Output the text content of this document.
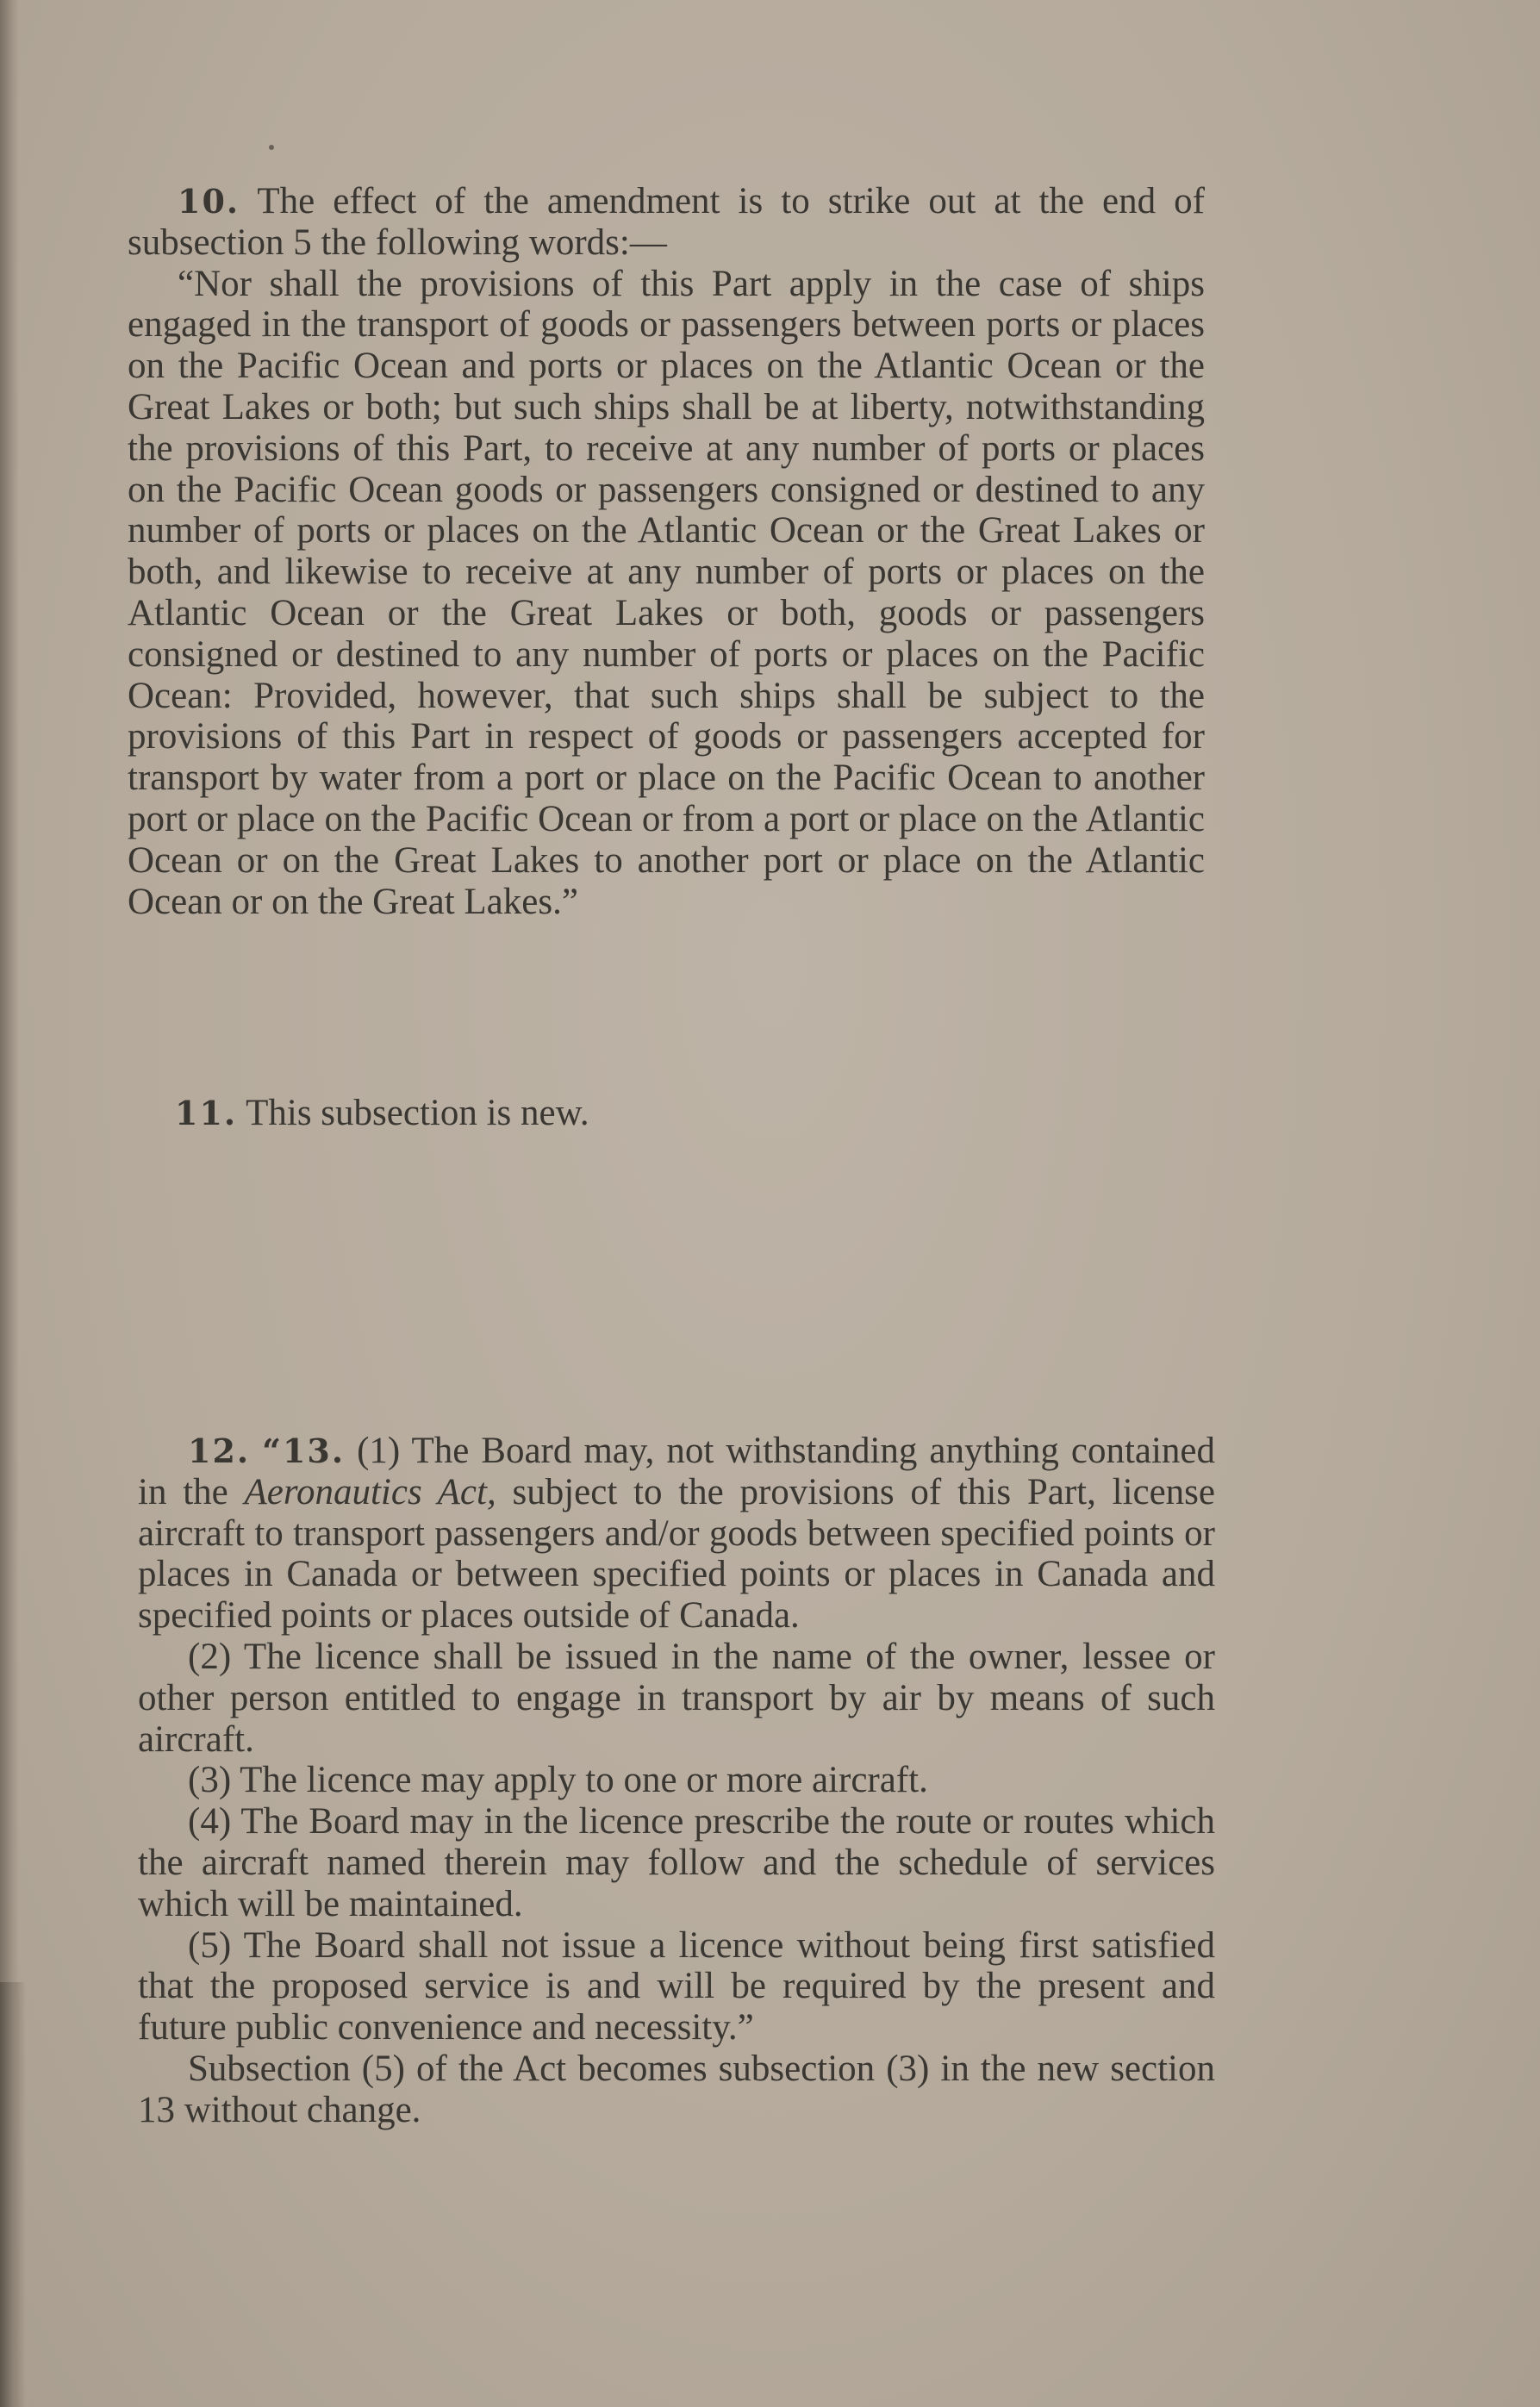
10. The effect of the amendment is to strike out at the end of subsection 5 the following words:—

“Nor shall the provisions of this Part apply in the case of ships engaged in the transport of goods or passengers between ports or places on the Pacific Ocean and ports or places on the Atlantic Ocean or the Great Lakes or both; but such ships shall be at liberty, notwithstanding the provisions of this Part, to receive at any number of ports or places on the Pacific Ocean goods or passengers consigned or destined to any number of ports or places on the Atlantic Ocean or the Great Lakes or both, and likewise to receive at any number of ports or places on the Atlantic Ocean or the Great Lakes or both, goods or passengers consigned or destined to any number of ports or places on the Pacific Ocean: Provided, however, that such ships shall be subject to the provisions of this Part in respect of goods or passengers accepted for transport by water from a port or place on the Pacific Ocean to another port or place on the Pacific Ocean or from a port or place on the Atlantic Ocean or on the Great Lakes to another port or place on the Atlantic Ocean or on the Great Lakes.”

11. This subsection is new.

12. “13. (1) The Board may, not withstanding anything contained in the Aeronautics Act, subject to the provisions of this Part, license aircraft to transport passengers and/or goods between specified points or places in Canada or between specified points or places in Canada and specified points or places outside of Canada.

(2) The licence shall be issued in the name of the owner, lessee or other person entitled to engage in transport by air by means of such aircraft.

(3) The licence may apply to one or more aircraft.

(4) The Board may in the licence prescribe the route or routes which the aircraft named therein may follow and the schedule of services which will be maintained.

(5) The Board shall not issue a licence without being first satisfied that the proposed service is and will be required by the present and future public convenience and necessity.”

Subsection (5) of the Act becomes subsection (3) in the new section 13 without change.
